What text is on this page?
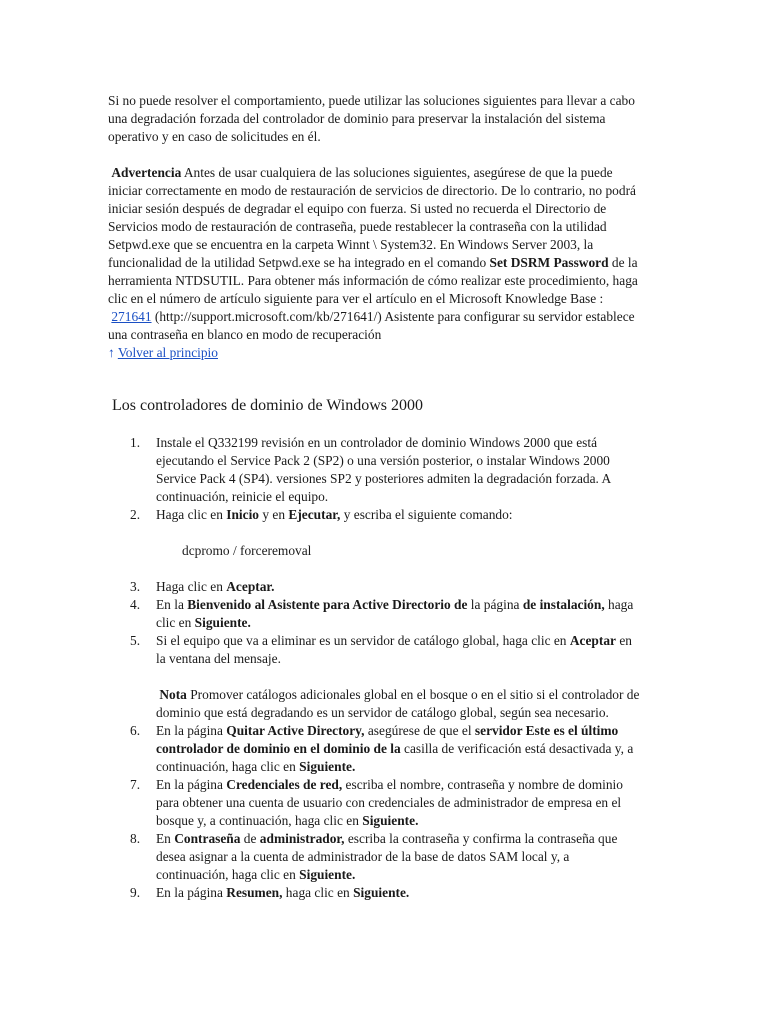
Si no puede resolver el comportamiento, puede utilizar las soluciones siguientes para llevar a cabo una degradación forzada del controlador de dominio para preservar la instalación del sistema operativo y en caso de solicitudes en él.

Advertencia Antes de usar cualquiera de las soluciones siguientes, asegúrese de que la puede iniciar correctamente en modo de restauración de servicios de directorio. De lo contrario, no podrá iniciar sesión después de degradar el equipo con fuerza. Si usted no recuerda el Directorio de Servicios modo de restauración de contraseña, puede restablecer la contraseña con la utilidad Setpwd.exe que se encuentra en la carpeta Winnt \ System32. En Windows Server 2003, la funcionalidad de la utilidad Setpwd.exe se ha integrado en el comando Set DSRM Password de la herramienta NTDSUTIL. Para obtener más información de cómo realizar este procedimiento, haga clic en el número de artículo siguiente para ver el artículo en el Microsoft Knowledge Base :
271641 (http://support.microsoft.com/kb/271641/) Asistente para configurar su servidor establece una contraseña en blanco en modo de recuperación

↑ Volver al principio

Los controladores de dominio de Windows 2000
1. Instale el Q332199 revisión en un controlador de dominio Windows 2000 que está ejecutando el Service Pack 2 (SP2) o una versión posterior, o instalar Windows 2000 Service Pack 4 (SP4). versiones SP2 y posteriores admiten la degradación forzada. A continuación, reinicie el equipo.
2. Haga clic en Inicio y en Ejecutar, y escriba el siguiente comando:
dcpromo / forceremoval
3. Haga clic en Aceptar.
4. En la Bienvenido al Asistente para Active Directorio de la página de instalación, haga clic en Siguiente.
5. Si el equipo que va a eliminar es un servidor de catálogo global, haga clic en Aceptar en la ventana del mensaje.

Nota Promover catálogos adicionales global en el bosque o en el sitio si el controlador de dominio que está degradando es un servidor de catálogo global, según sea necesario.

6. En la página Quitar Active Directory, asegúrese de que el servidor Este es el último controlador de dominio en el dominio de la casilla de verificación está desactivada y, a continuación, haga clic en Siguiente.
7. En la página Credenciales de red, escriba el nombre, contraseña y nombre de dominio para obtener una cuenta de usuario con credenciales de administrador de empresa en el bosque y, a continuación, haga clic en Siguiente.
8. En Contraseña de administrador, escriba la contraseña y confirma la contraseña que desea asignar a la cuenta de administrador de la base de datos SAM local y, a continuación, haga clic en Siguiente.
9. En la página Resumen, haga clic en Siguiente.
